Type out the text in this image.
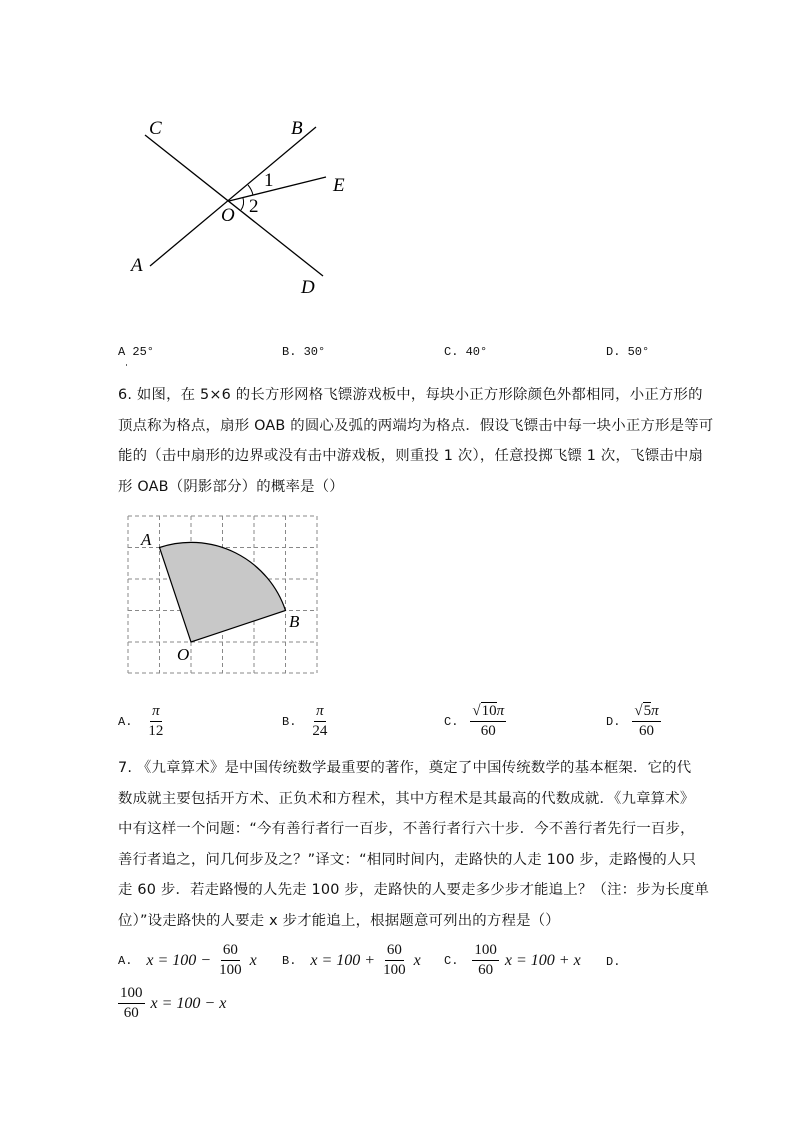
C	B
E
1
2
O
A
D
A 25°	B. 30°	C. 40°	D. 50°

6. 如图，在 5×6 的长方形网格飞镖游戏板中，每块小正方形除颜色外都相同，小正方形的

顶点称为格点，扇形 OAB 的圆心及弧的两端均为格点．假设飞镖击中每一块小正方形是等可

能的（击中扇形的边界或没有击中游戏板，则重投 1 次），任意投掷飞镖 1 次，飞镖击中扇

形 OAB（阴影部分）的概率是（）

A
B
O
A. $\frac{\pi}{12}$	B. $\frac{\pi}{24}$	C. $\frac{√10\pi}{60}$	D. $\frac{√5\pi}{60}$

7. 《九章算术》是中国传统数学最重要的著作，奠定了中国传统数学的基本框架．它的代

数成就主要包括开方术、正负术和方程术，其中方程术是其最高的代数成就．《九章算术》

中有这样一个问题：“今有善行者行一百步，不善行者行六十步．今不善行者先行一百步，

善行者追之，问几何步及之？”译文：“相同时间内，走路快的人走 100 步，走路慢的人只

走 60 步．若走路慢的人先走 100 步，走路快的人要走多少步才能追上？（注：步为长度单

位）”设走路快的人要走 x 步才能追上，根据题意可列出的方程是（）

A. $x = 100 - \frac{60}{100}$ x B. $x = 100 + \frac{60}{100}$ x C. $\frac{100}{60}$ x = 100 + x D.
$\frac{100}{60}$ x = 100 − x
